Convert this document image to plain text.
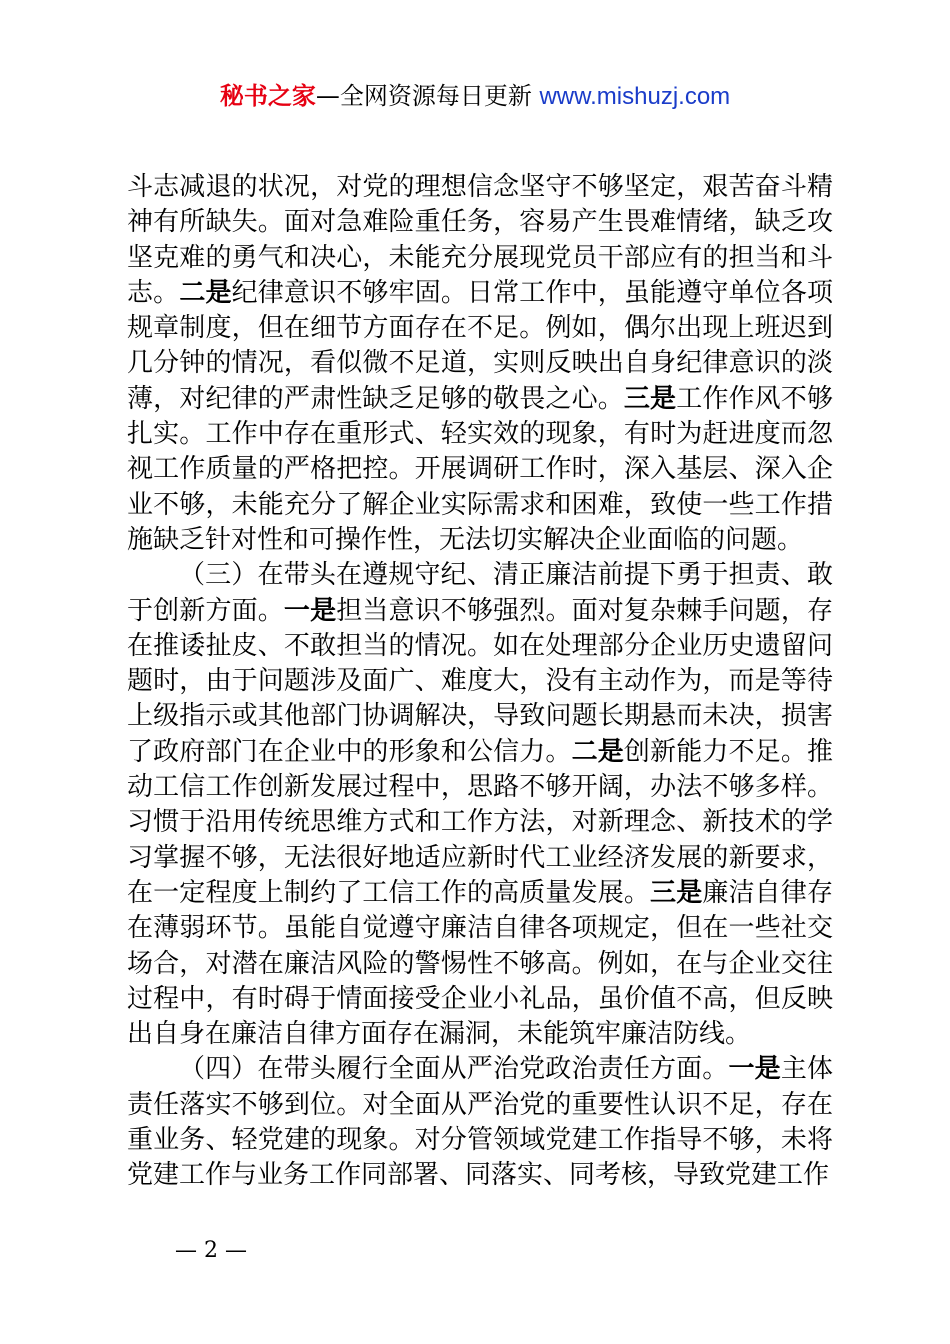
秘书之家—全网资源每日更新 www.mishuzj.com

斗志减退的状况，对党的理想信念坚守不够坚定，艰苦奋斗精神有所缺失。面对急难险重任务，容易产生畏难情绪，缺乏攻坚克难的勇气和决心，未能充分展现党员干部应有的担当和斗志。二是纪律意识不够牢固。日常工作中，虽能遵守单位各项规章制度，但在细节方面存在不足。例如，偶尔出现上班迟到几分钟的情况，看似微不足道，实则反映出自身纪律意识的淡薄，对纪律的严肃性缺乏足够的敬畏之心。三是工作作风不够扎实。工作中存在重形式、轻实效的现象，有时为赶进度而忽视工作质量的严格把控。开展调研工作时，深入基层、深入企业不够，未能充分了解企业实际需求和困难，致使一些工作措施缺乏针对性和可操作性，无法切实解决企业面临的问题。

（三）在带头在遵规守纪、清正廉洁前提下勇于担责、敢于创新方面。一是担当意识不够强烈。面对复杂棘手问题，存在推诿扯皮、不敢担当的情况。如在处理部分企业历史遗留问题时，由于问题涉及面广、难度大，没有主动作为，而是等待上级指示或其他部门协调解决，导致问题长期悬而未决，损害了政府部门在企业中的形象和公信力。二是创新能力不足。推动工信工作创新发展过程中，思路不够开阔，办法不够多样。习惯于沿用传统思维方式和工作方法，对新理念、新技术的学习掌握不够，无法很好地适应新时代工业经济发展的新要求，在一定程度上制约了工信工作的高质量发展。三是廉洁自律存在薄弱环节。虽能自觉遵守廉洁自律各项规定，但在一些社交场合，对潜在廉洁风险的警惕性不够高。例如，在与企业交往过程中，有时碍于情面接受企业小礼品，虽价值不高，但反映出自身在廉洁自律方面存在漏洞，未能筑牢廉洁防线。

（四）在带头履行全面从严治党政治责任方面。一是主体责任落实不够到位。对全面从严治党的重要性认识不足，存在重业务、轻党建的现象。对分管领域党建工作指导不够，未将党建工作与业务工作同部署、同落实、同考核，导致党建工作

— 2 —
